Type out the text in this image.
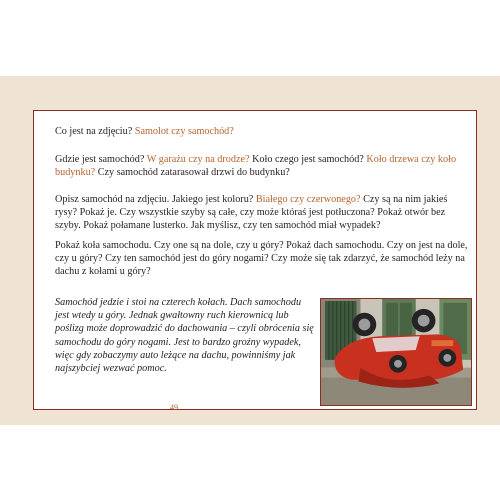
Co jest na zdjęciu? Samolot czy samochód?

Gdzie jest samochód? W garażu czy na drodze? Koło czego jest samochód? Koło drzewa czy koło budynku? Czy samochód zatarasował drzwi do budynku?

Opisz samochód na zdjęciu. Jakiego jest koloru? Białego czy czerwonego? Czy są na nim jakieś rysy? Pokaż je. Czy wszystkie szyby są całe, czy może któraś jest potłuczona? Pokaż otwór bez szyby. Pokaż połamane lusterko. Jak myślisz, czy ten samochód miał wypadek?

Pokaż koła samochodu. Czy one są na dole, czy u góry? Pokaż dach samochodu. Czy on jest na dole, czy u góry? Czy ten samochód jest do góry nogami? Czy może się tak zdarzyć, że samochód leży na dachu z kołami u góry?

Samochód jedzie i stoi na czterech kołach. Dach samochodu jest wtedy u góry. Jednak gwałtowny ruch kierownicą lub poślizg może doprowadzić do dachowania – czyli obrócenia się samochodu do góry nogami. Jest to bardzo groźny wypadek, więc gdy zobaczymy auto leżące na dachu, powinniśmy jak najszybciej wezwać pomoc.

49
